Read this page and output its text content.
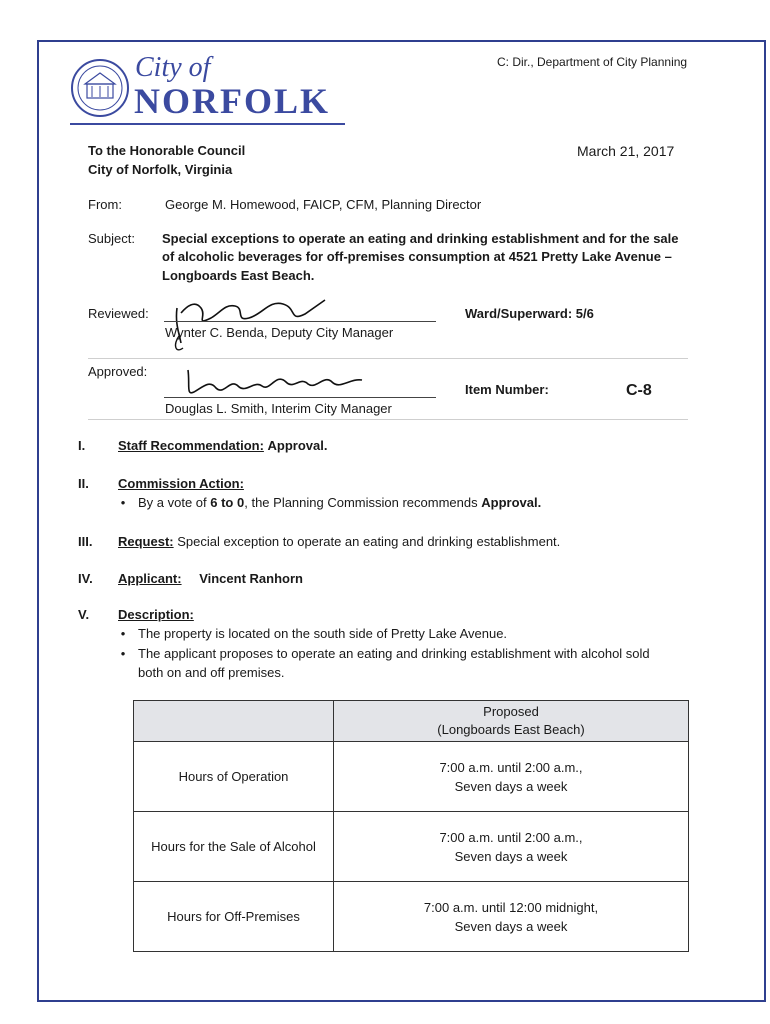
City of
NORFOLK
C: Dir., Department of City Planning
To the Honorable Council
City of Norfolk, Virginia
March 21, 2017
From:	George M. Homewood, FAICP, CFM, Planning Director
Subject: Special exceptions to operate an eating and drinking establishment and for the sale
of alcoholic beverages for off-premises consumption at 4521 Pretty Lake Avenue –
Longboards East Beach.
Reviewed:
Wynter C. Benda, Deputy City Manager
Ward/Superward: 5/6
Approved:
Douglas L. Smith, Interim City Manager
Item Number:	C-8
I.	Staff Recommendation: Approval.
II. Commission Action:
• By a vote of 6 to 0, the Planning Commission recommends Approval.
III. Request: Special exception to operate an eating and drinking establishment.
IV. Applicant: Vincent Ranhorn
V. Description:
• The property is located on the south side of Pretty Lake Avenue.
• The applicant proposes to operate an eating and drinking establishment with alcohol sold
both on and off premises.

	Proposed
(Longboards East Beach)

Hours of Operation	7:00 a.m. until 2:00 a.m.,
Seven days a week

Hours for the Sale of Alcohol	7:00 a.m. until 2:00 a.m.,
Seven days a week

Hours for Off-Premises	7:00 a.m. until 12:00 midnight,
Seven days a week
